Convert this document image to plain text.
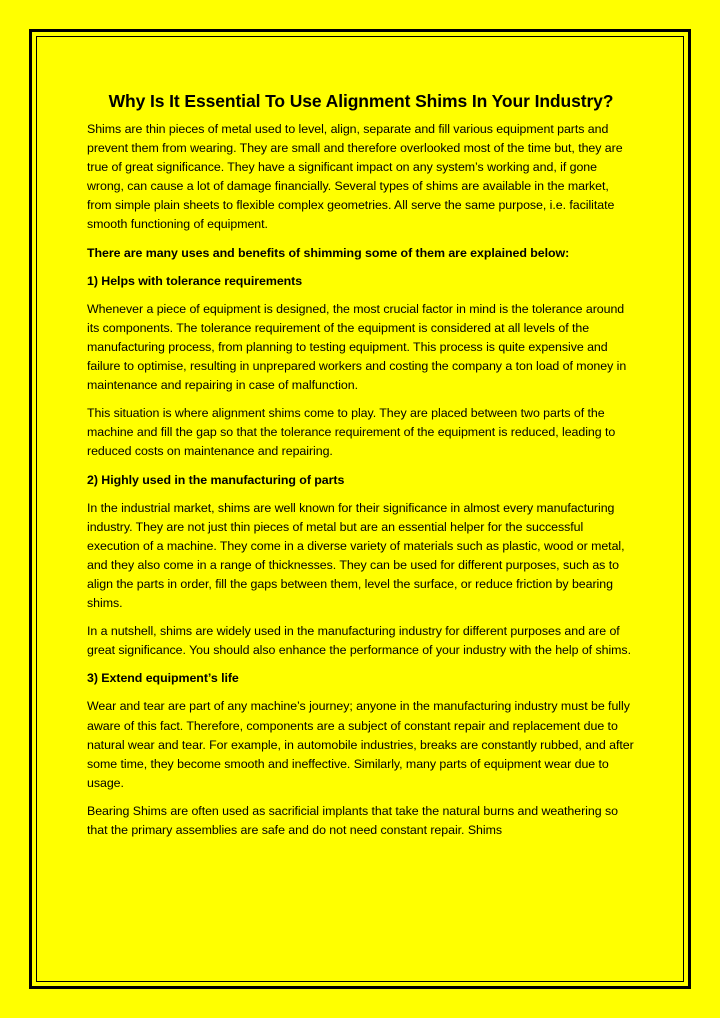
Why Is It Essential To Use Alignment Shims In Your Industry?

Shims are thin pieces of metal used to level, align, separate and fill various equipment parts and prevent them from wearing. They are small and therefore overlooked most of the time but, they are true of great significance. They have a significant impact on any system’s working and, if gone wrong, can cause a lot of damage financially. Several types of shims are available in the market, from simple plain sheets to flexible complex geometries. All serve the same purpose, i.e. facilitate smooth functioning of equipment.

There are many uses and benefits of shimming some of them are explained below:

1) Helps with tolerance requirements

Whenever a piece of equipment is designed, the most crucial factor in mind is the tolerance around its components. The tolerance requirement of the equipment is considered at all levels of the manufacturing process, from planning to testing equipment. This process is quite expensive and failure to optimise, resulting in unprepared workers and costing the company a ton load of money in maintenance and repairing in case of malfunction.

This situation is where alignment shims come to play. They are placed between two parts of the machine and fill the gap so that the tolerance requirement of the equipment is reduced, leading to reduced costs on maintenance and repairing.

2) Highly used in the manufacturing of parts

In the industrial market, shims are well known for their significance in almost every manufacturing industry. They are not just thin pieces of metal but are an essential helper for the successful execution of a machine. They come in a diverse variety of materials such as plastic, wood or metal, and they also come in a range of thicknesses. They can be used for different purposes, such as to align the parts in order, fill the gaps between them, level the surface, or reduce friction by bearing shims.

In a nutshell, shims are widely used in the manufacturing industry for different purposes and are of great significance. You should also enhance the performance of your industry with the help of shims.

3) Extend equipment’s life

Wear and tear are part of any machine’s journey; anyone in the manufacturing industry must be fully aware of this fact. Therefore, components are a subject of constant repair and replacement due to natural wear and tear. For example, in automobile industries, breaks are constantly rubbed, and after some time, they become smooth and ineffective. Similarly, many parts of equipment wear due to usage.

Bearing Shims are often used as sacrificial implants that take the natural burns and weathering so that the primary assemblies are safe and do not need constant repair. Shims
